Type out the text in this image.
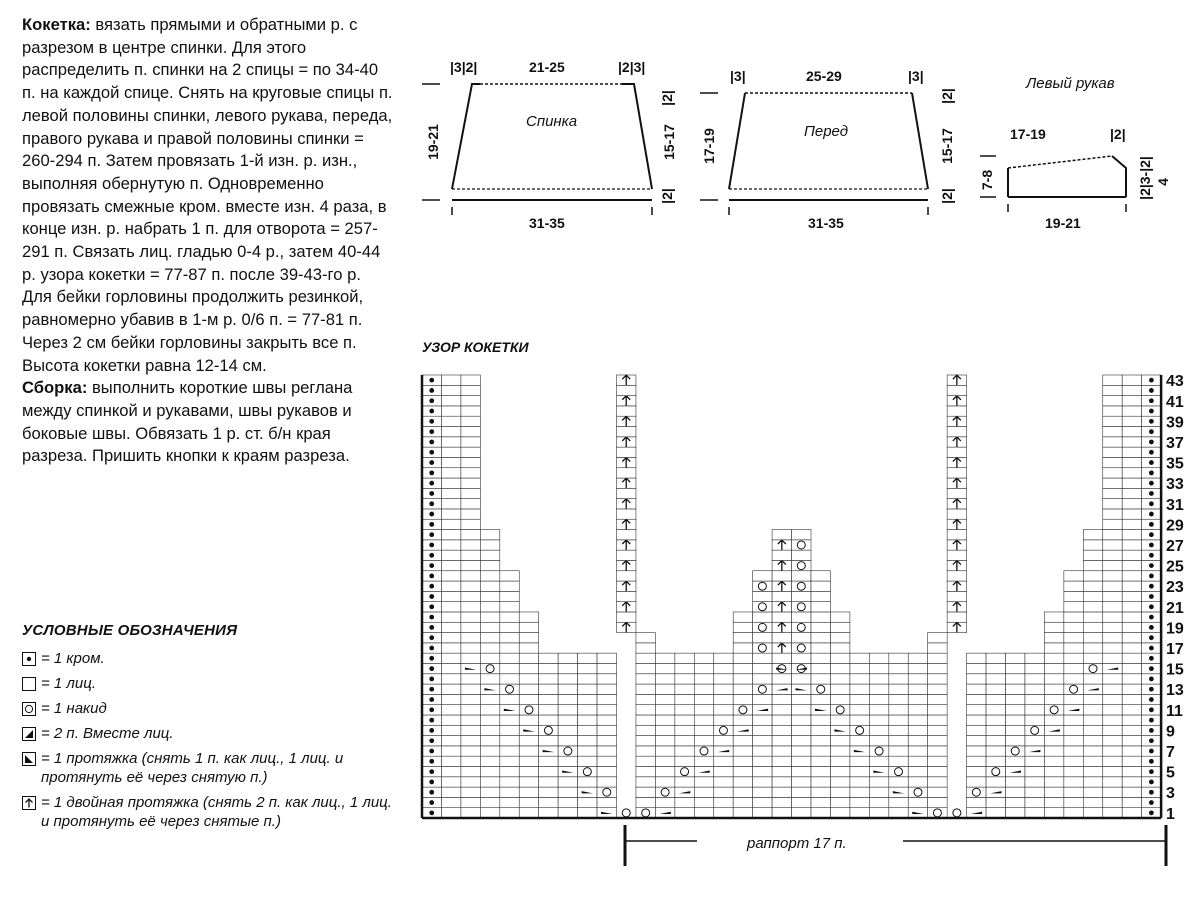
Кокетка: вязать прямыми и обратными р. с разрезом в центре спинки. Для этого распределить п. спинки на 2 спицы = по 34-40 п. на каждой спице. Снять на круговые спицы п. левой половины спинки, левого рукава, переда, правого рукава и правой половины спинки = 260-294 п. Затем провязать 1-й изн. р. изн., выполняя обернутую п. Одновременно провязать смежные кром. вместе изн. 4 раза, в конце изн. р. набрать 1 п. для отворота = 257-291 п. Связать лиц. гладью 0-4 р., затем 40-44 р. узора кокетки = 77-87 п. после 39-43-го р. Для бейки горловины продолжить резинкой, равномерно убавив в 1-м р. 0/6 п. = 77-81 п. Через 2 см бейки горловины закрыть все п. Высота кокетки равна 12-14 см.

Сборка: выполнить короткие швы реглана между спинкой и рукавами, швы рукавов и боковые швы. Обвязать 1 р. ст. б/н края разреза. Пришить кнопки к краям разреза.

УСЛОВНЫЕ ОБОЗНАЧЕНИЯ
= 1 кром.
= 1 лиц.
= 1 накид
= 2 п. Вместе лиц.
= 1 протяжка (снять 1 п. как лиц., 1 лиц. и протянуть её через снятую п.)
= 1 двойная протяжка (снять 2 п. как лиц., 1 лиц. и протянуть её через снятые п.)
|3|2|	21-25	|2|3|
|2|
19-21	15-17
|2|
31-35
Спинка
|3|	25-29	|3|
|2|
17-19	15-17
|2|
31-35
Перед	17-19	|2|
7-8	|2|3-|2| 4
19-21
Левый рукав
УЗОР КОКЕТКИ
43
41
39
37
35
33
31
29
27
25
23
21
19
17
15
13
11
9
7
5
3
1
раппорт 17 п.
